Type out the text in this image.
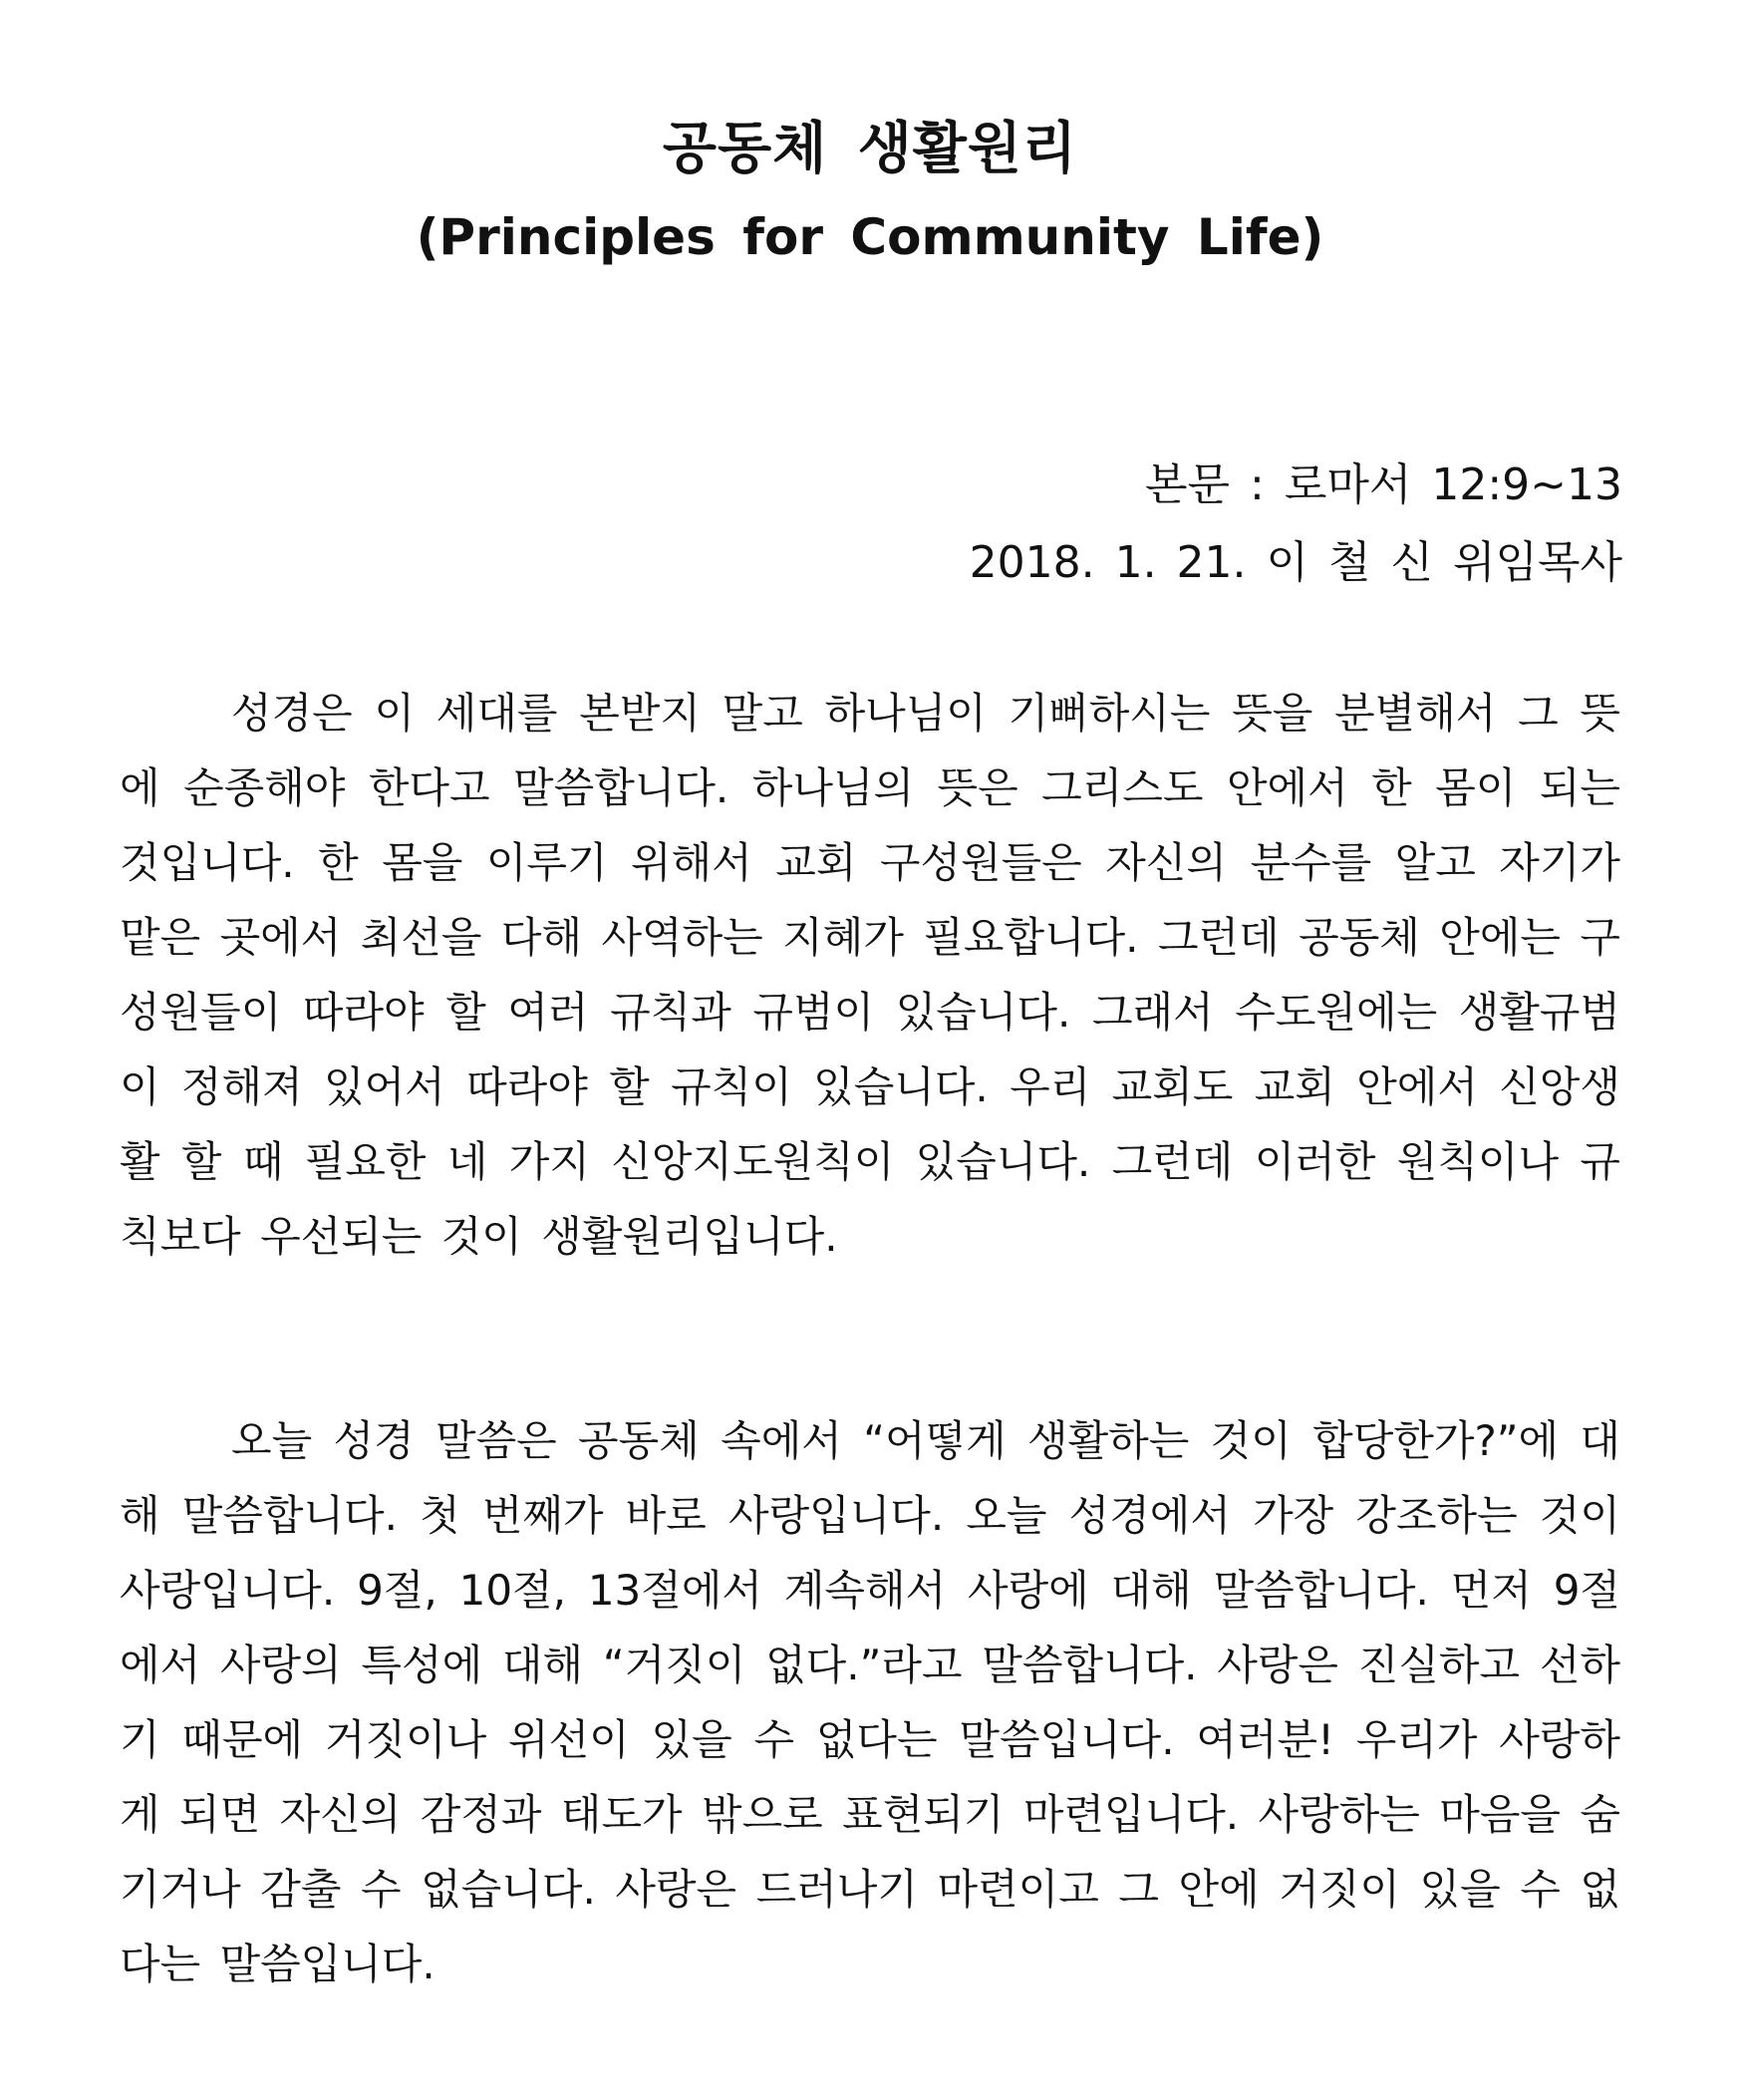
공동체 생활원리
(Principles for Community Life)
본문 : 로마서 12:9~13
2018. 1. 21. 이 철 신 위임목사
성경은 이 세대를 본받지 말고 하나님이 기뻐하시는 뜻을 분별해서 그 뜻에 순종해야 한다고 말씀합니다. 하나님의 뜻은 그리스도 안에서 한 몸이 되는 것입니다. 한 몸을 이루기 위해서 교회 구성원들은 자신의 분수를 알고 자기가 맡은 곳에서 최선을 다해 사역하는 지혜가 필요합니다. 그런데 공동체 안에는 구성원들이 따라야 할 여러 규칙과 규범이 있습니다. 그래서 수도원에는 생활규범이 정해져 있어서 따라야 할 규칙이 있습니다. 우리 교회도 교회 안에서 신앙생활 할 때 필요한 네 가지 신앙지도원칙이 있습니다. 그런데 이러한 원칙이나 규칙보다 우선되는 것이 생활원리입니다.
오늘 성경 말씀은 공동체 속에서 “어떻게 생활하는 것이 합당한가?”에 대해 말씀합니다. 첫 번째가 바로 사랑입니다. 오늘 성경에서 가장 강조하는 것이 사랑입니다. 9절, 10절, 13절에서 계속해서 사랑에 대해 말씀합니다. 먼저 9절에서 사랑의 특성에 대해 “거짓이 없다.”라고 말씀합니다. 사랑은 진실하고 선하기 때문에 거짓이나 위선이 있을 수 없다는 말씀입니다. 여러분! 우리가 사랑하게 되면 자신의 감정과 태도가 밖으로 표현되기 마련입니다. 사랑하는 마음을 숨기거나 감출 수 없습니다. 사랑은 드러나기 마련이고 그 안에 거짓이 있을 수 없다는 말씀입니다.
